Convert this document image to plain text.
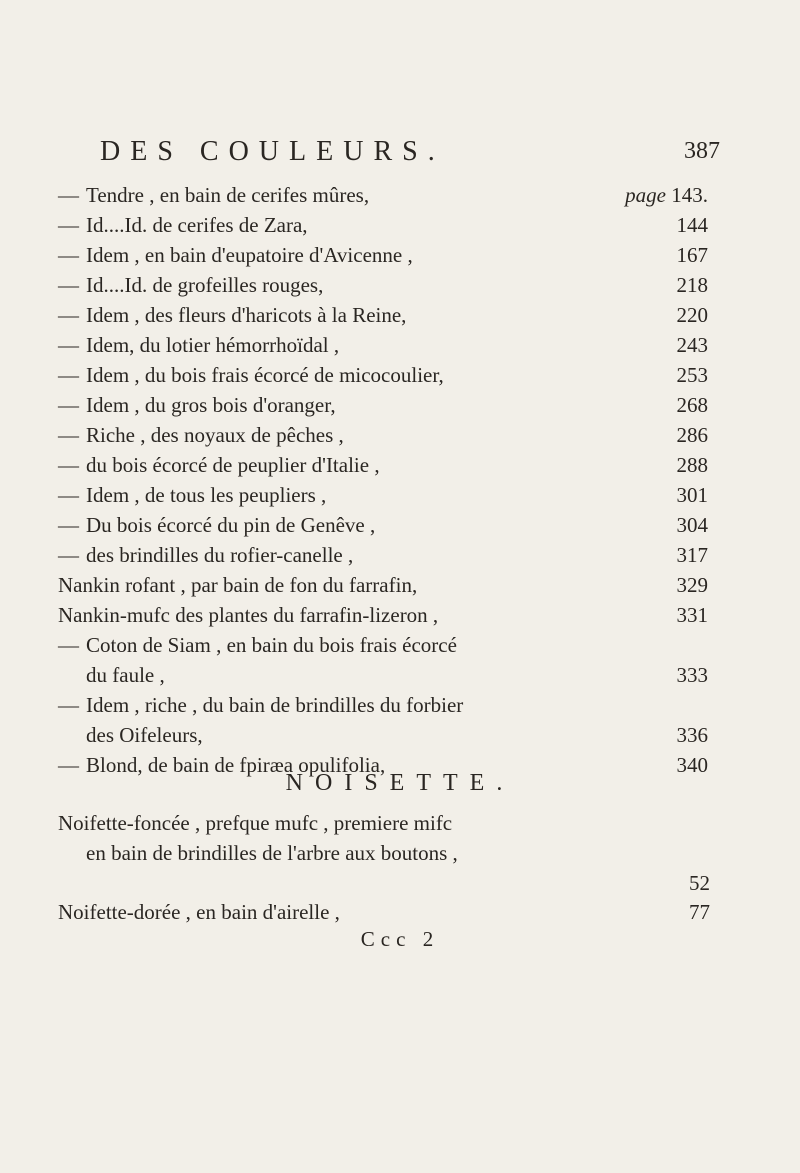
DES COULEURS.	387
— Tendre , en bain de cerifes mûres,	page 143.
— Id....Id. de cerifes de Zara,	144
— Idem , en bain d'eupatoire d'Avicenne ,	167
— Id....Id. de grofeilles rouges,	218
— Idem , des fleurs d'haricots à la Reine,	220
— Idem, du lotier hémorrhoïdal ,	243
— Idem , du bois frais écorcé de micocoulier,	253
— Idem , du gros bois d'oranger,	268
— Riche , des noyaux de pêches ,	286
— du bois écorcé de peuplier d'Italie ,	288
— Idem , de tous les peupliers ,	301
— Du bois écorcé du pin de Genêve ,	304
— des brindilles du rofier-canelle ,	317
Nankin rofant , par bain de fon du farrafin,	329
Nankin-mufc des plantes du farrafin-lizeron ,	331
— Coton de Siam , en bain du bois frais écorcé
du faule ,	333
— Idem , riche , du bain de brindilles du forbier
des Oifeleurs,	336
— Blond, de bain de fpiræa opulifolia,	340
NOISETTE.
Noifette-foncée , prefque mufc , premiere mifc
en bain de brindilles de l'arbre aux boutons ,
52
Noifette-dorée , en bain d'airelle ,	77
Ccc 2
